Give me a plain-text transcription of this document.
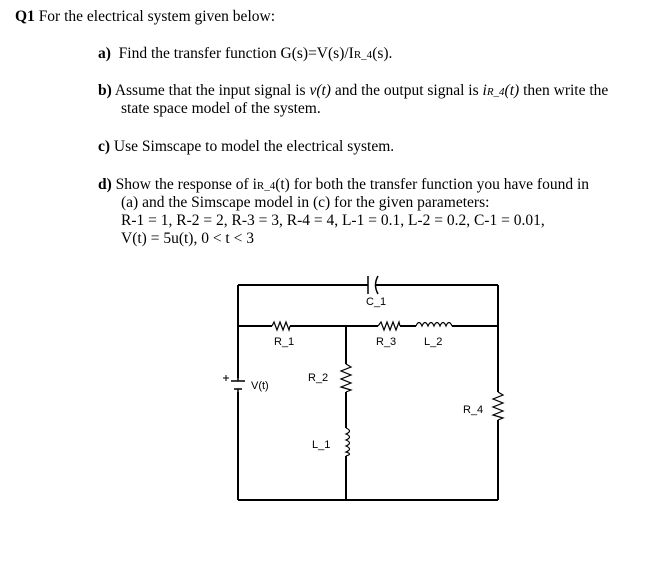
Q1 For the electrical system given below:
a) Find the transfer function G(s)=V(s)/IR_4(s).
b) Assume that the input signal is v(t) and the output signal is iR_4(t) then write the
state space model of the system.
c) Use Simscape to model the electrical system.
d) Show the response of iR_4(t) for both the transfer function you have found in
(a) and the Simscape model in (c) for the given parameters:
R-1 = 1, R-2 = 2, R-3 = 3, R-4 = 4, L-1 = 0.1, L-2 = 0.2, C-1 = 0.01,
V(t) = 5u(t), 0 < t < 3
C_1
R_1	R_3	L_2
R_2
L_1
R_4
V(t)
